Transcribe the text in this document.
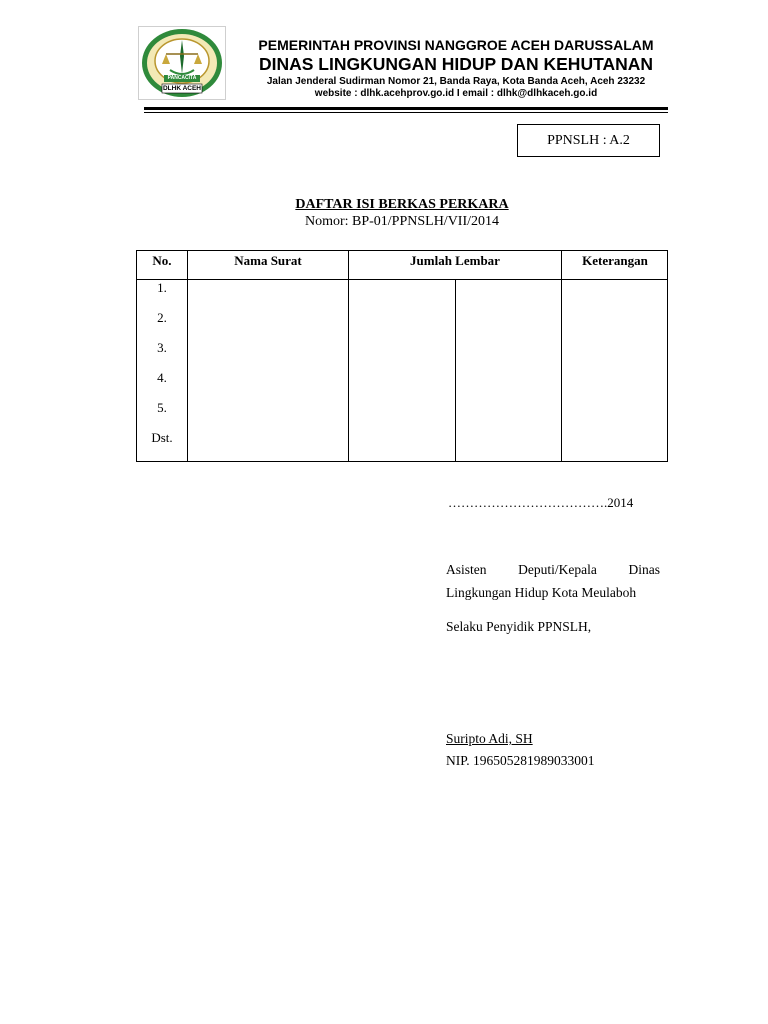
PANCACITA
DLHK ACEH
PEMERINTAH PROVINSI NANGGROE ACEH DARUSSALAM
DINAS LINGKUNGAN HIDUP DAN KEHUTANAN
Jalan Jenderal Sudirman Nomor 21, Banda Raya, Kota Banda Aceh, Aceh 23232
website : dlhk.acehprov.go.id I email : dlhk@dlhkaceh.go.id
PPNSLH : A.2
DAFTAR ISI BERKAS PERKARA
Nomor: BP-01/PPNSLH/VII/2014
No.	Nama Surat	Jumlah Lembar	Keterangan
1.
2.
3.
4.
5.
Dst.
……………………………….2014
Asisten Deputi/Kepala Dinas
Lingkungan Hidup Kota Meulaboh
Selaku Penyidik PPNSLH,
Suripto Adi, SH
NIP. 196505281989033001
